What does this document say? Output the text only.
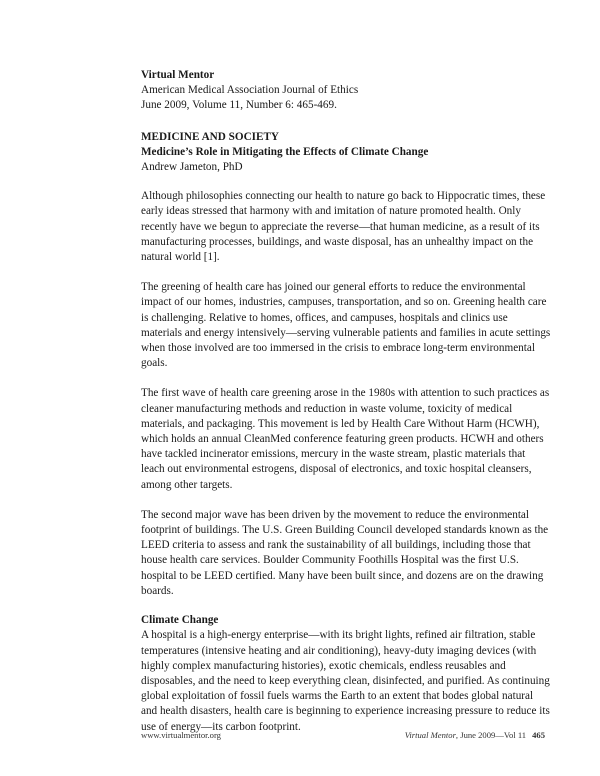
Virtual Mentor
American Medical Association Journal of Ethics
June 2009, Volume 11, Number 6: 465-469.
MEDICINE AND SOCIETY
Medicine’s Role in Mitigating the Effects of Climate Change
Andrew Jameton, PhD

Although philosophies connecting our health to nature go back to Hippocratic times, these early ideas stressed that harmony with and imitation of nature promoted health. Only recently have we begun to appreciate the reverse—that human medicine, as a result of its manufacturing processes, buildings, and waste disposal, has an unhealthy impact on the natural world [1].

The greening of health care has joined our general efforts to reduce the environmental impact of our homes, industries, campuses, transportation, and so on. Greening health care is challenging. Relative to homes, offices, and campuses, hospitals and clinics use materials and energy intensively—serving vulnerable patients and families in acute settings when those involved are too immersed in the crisis to embrace long-term environmental goals.

The first wave of health care greening arose in the 1980s with attention to such practices as cleaner manufacturing methods and reduction in waste volume, toxicity of medical materials, and packaging. This movement is led by Health Care Without Harm (HCWH), which holds an annual CleanMed conference featuring green products. HCWH and others have tackled incinerator emissions, mercury in the waste stream, plastic materials that leach out environmental estrogens, disposal of electronics, and toxic hospital cleansers, among other targets.

The second major wave has been driven by the movement to reduce the environmental footprint of buildings. The U.S. Green Building Council developed standards known as the LEED criteria to assess and rank the sustainability of all buildings, including those that house health care services. Boulder Community Foothills Hospital was the first U.S. hospital to be LEED certified. Many have been built since, and dozens are on the drawing boards.

Climate Change

A hospital is a high-energy enterprise—with its bright lights, refined air filtration, stable temperatures (intensive heating and air conditioning), heavy-duty imaging devices (with highly complex manufacturing histories), exotic chemicals, endless reusables and disposables, and the need to keep everything clean, disinfected, and purified. As continuing global exploitation of fossil fuels warms the Earth to an extent that bodes global natural and health disasters, health care is beginning to experience increasing pressure to reduce its use of energy—its carbon footprint.

www.virtualmentor.org	Virtual Mentor, June 2009—Vol 11 465
